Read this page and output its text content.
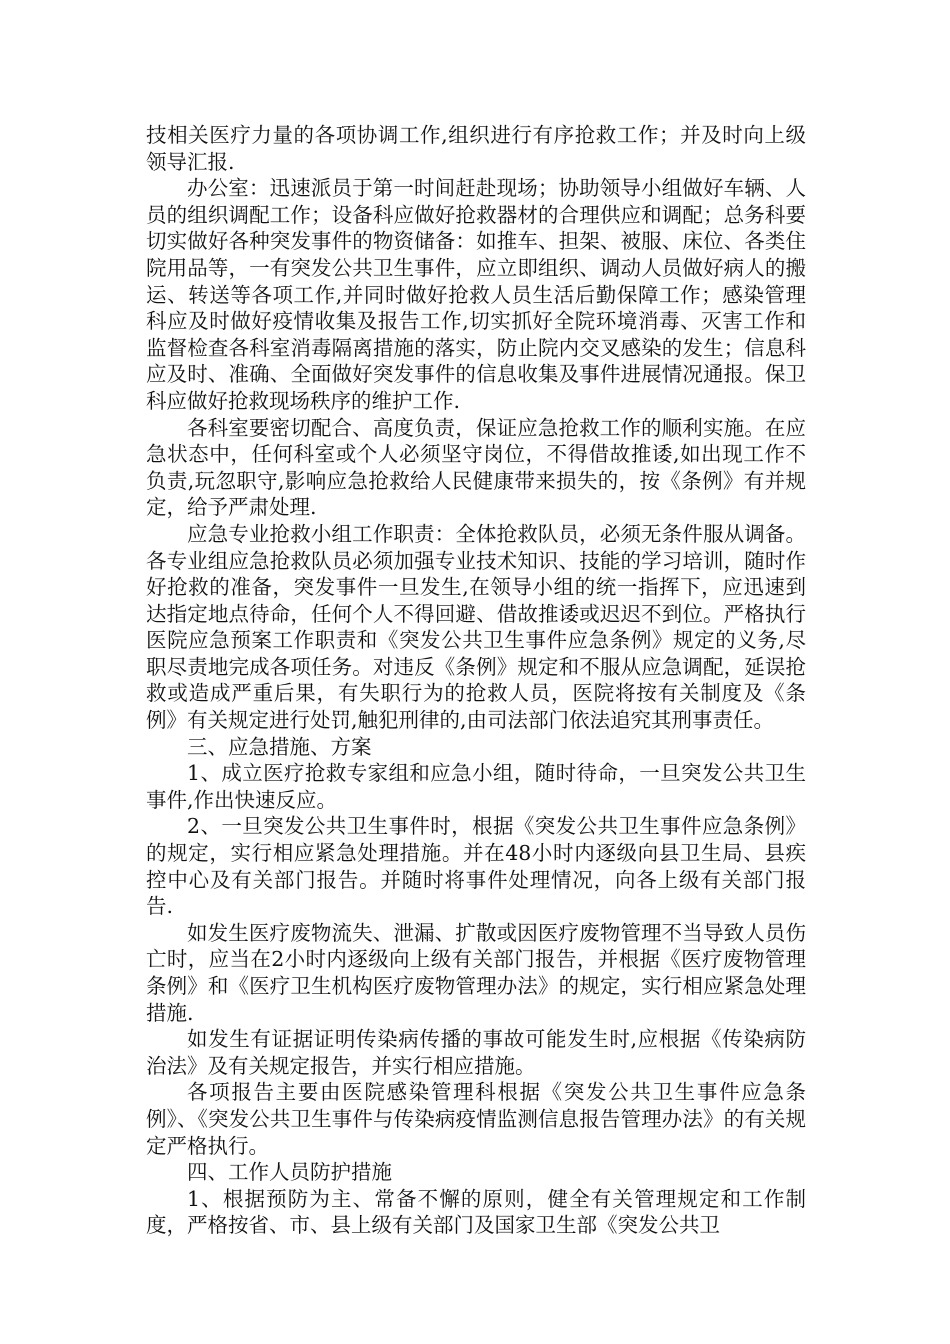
技相关医疗力量的各项协调工作,组织进行有序抢救工作；并及时向上级领导汇报.

办公室：迅速派员于第一时间赶赴现场；协助领导小组做好车辆、人员的组织调配工作；设备科应做好抢救器材的合理供应和调配；总务科要切实做好各种突发事件的物资储备：如推车、担架、被服、床位、各类住院用品等，一有突发公共卫生事件，应立即组织、调动人员做好病人的搬运、转送等各项工作,并同时做好抢救人员生活后勤保障工作；感染管理科应及时做好疫情收集及报告工作,切实抓好全院环境消毒、灭害工作和监督检查各科室消毒隔离措施的落实，防止院内交叉感染的发生；信息科应及时、准确、全面做好突发事件的信息收集及事件进展情况通报。保卫科应做好抢救现场秩序的维护工作.

各科室要密切配合、高度负责，保证应急抢救工作的顺利实施。在应急状态中，任何科室或个人必须坚守岗位，不得借故推诿,如出现工作不负责,玩忽职守,影响应急抢救给人民健康带来损失的，按《条例》有并规定，给予严肃处理.

应急专业抢救小组工作职责：全体抢救队员，必须无条件服从调备。各专业组应急抢救队员必须加强专业技术知识、技能的学习培训，随时作好抢救的准备，突发事件一旦发生,在领导小组的统一指挥下，应迅速到达指定地点待命，任何个人不得回避、借故推诿或迟迟不到位。严格执行医院应急预案工作职责和《突发公共卫生事件应急条例》规定的义务,尽职尽责地完成各项任务。对违反《条例》规定和不服从应急调配，延误抢救或造成严重后果，有失职行为的抢救人员，医院将按有关制度及《条例》有关规定进行处罚,触犯刑律的,由司法部门依法追究其刑事责任。

三、应急措施、方案

1、成立医疗抢救专家组和应急小组，随时待命，一旦突发公共卫生事件,作出快速反应。

2、一旦突发公共卫生事件时，根据《突发公共卫生事件应急条例》的规定，实行相应紧急处理措施。并在48小时内逐级向县卫生局、县疾控中心及有关部门报告。并随时将事件处理情况，向各上级有关部门报告.

如发生医疗废物流失、泄漏、扩散或因医疗废物管理不当导致人员伤亡时，应当在2小时内逐级向上级有关部门报告，并根据《医疗废物管理条例》和《医疗卫生机构医疗废物管理办法》的规定，实行相应紧急处理措施.

如发生有证据证明传染病传播的事故可能发生时,应根据《传染病防治法》及有关规定报告，并实行相应措施。

各项报告主要由医院感染管理科根据《突发公共卫生事件应急条例》、《突发公共卫生事件与传染病疫情监测信息报告管理办法》的有关规定严格执行。

四、工作人员防护措施

1、根据预防为主、常备不懈的原则，健全有关管理规定和工作制度，严格按省、市、县上级有关部门及国家卫生部《突发公共卫
